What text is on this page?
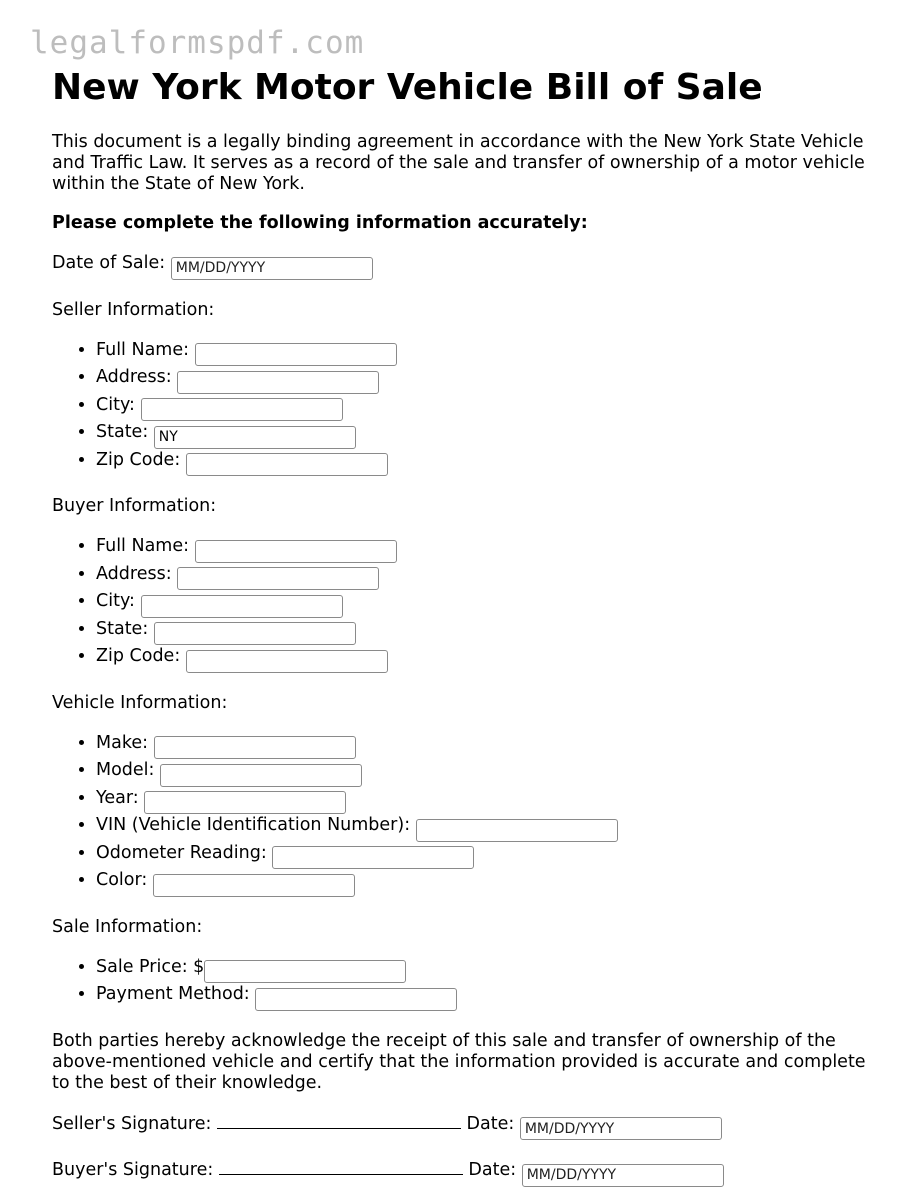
legalformspdf.com
New York Motor Vehicle Bill of Sale

This document is a legally binding agreement in accordance with the New York State Vehicle and Traffic Law. It serves as a record of the sale and transfer of ownership of a motor vehicle within the State of New York.

Please complete the following information accurately:

Date of Sale: MM/DD/YYYY

Seller Information:

• Full Name:
• Address:
• City:
• State: NY
• Zip Code:

Buyer Information:

• Full Name:
• Address:
• City:
• State:
• Zip Code:

Vehicle Information:

• Make:
• Model:
• Year:
• VIN (Vehicle Identification Number):
• Odometer Reading:
• Color:

Sale Information:

• Sale Price: $
• Payment Method:

Both parties hereby acknowledge the receipt of this sale and transfer of ownership of the above-mentioned vehicle and certify that the information provided is accurate and complete to the best of their knowledge.

Seller's Signature:	Date: MM/DD/YYYY

Buyer's Signature:	Date: MM/DD/YYYY
